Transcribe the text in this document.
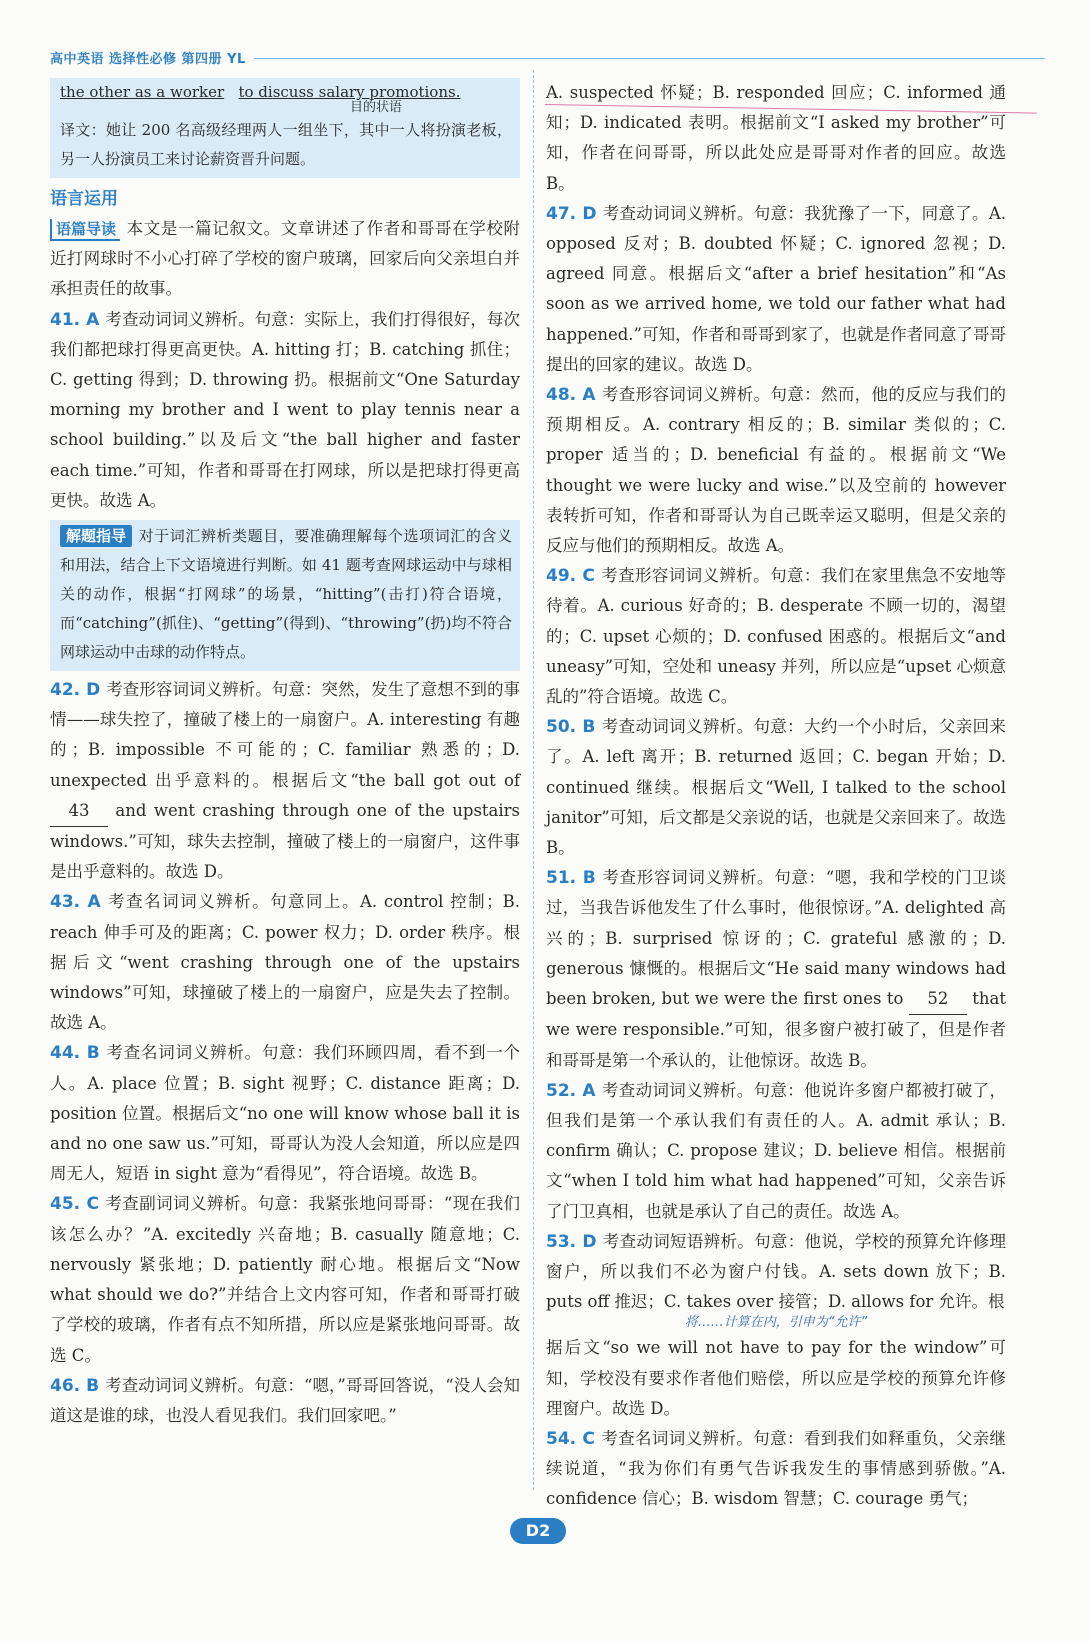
高中英语 选择性必修 第四册 YL
the other as a worker to discuss salary promotions.
目的状语
译文：她让 200 名高级经理两人一组坐下，其中一人将扮演老板，另一人扮演员工来讨论薪资晋升问题。
语言运用

语篇导读 本文是一篇记叙文。文章讲述了作者和哥哥在学校附近打网球时不小心打碎了学校的窗户玻璃，回家后向父亲坦白并承担责任的故事。

41. A 考查动词词义辨析。句意：实际上，我们打得很好，每次我们都把球打得更高更快。A. hitting 打；B. catching 抓住；C. getting 得到；D. throwing 扔。根据前文“One Saturday morning my brother and I went to play tennis near a school building.”以及后文“the ball higher and faster each time.”可知，作者和哥哥在打网球，所以是把球打得更高更快。故选 A。

解题指导 对于词汇辨析类题目，要准确理解每个选项词汇的含义和用法，结合上下文语境进行判断。如 41 题考查网球运动中与球相关的动作，根据“打网球”的场景，“hitting”(击打)符合语境，而“catching”(抓住)、“getting”(得到)、“throwing”(扔)均不符合网球运动中击球的动作特点。

42. D 考查形容词词义辨析。句意：突然，发生了意想不到的事情——球失控了，撞破了楼上的一扇窗户。A. interesting 有趣的；B. impossible 不可能的；C. familiar 熟悉的；D. unexpected 出乎意料的。根据后文“the ball got out of 43 and went crashing through one of the upstairs windows.”可知，球失去控制，撞破了楼上的一扇窗户，这件事是出乎意料的。故选 D。

43. A 考查名词词义辨析。句意同上。A. control 控制；B. reach 伸手可及的距离；C. power 权力；D. order 秩序。根据后文“went crashing through one of the upstairs windows”可知，球撞破了楼上的一扇窗户，应是失去了控制。故选 A。

44. B 考查名词词义辨析。句意：我们环顾四周，看不到一个人。A. place 位置；B. sight 视野；C. distance 距离；D. position 位置。根据后文“no one will know whose ball it is and no one saw us.”可知，哥哥认为没人会知道，所以应是四周无人，短语 in sight 意为“看得见”，符合语境。故选 B。

45. C 考查副词词义辨析。句意：我紧张地问哥哥：“现在我们该怎么办？”A. excitedly 兴奋地；B. casually 随意地；C. nervously 紧张地；D. patiently 耐心地。根据后文“Now what should we do?”并结合上文内容可知，作者和哥哥打破了学校的玻璃，作者有点不知所措，所以应是紧张地问哥哥。故选 C。

46. B 考查动词词义辨析。句意：“嗯，”哥哥回答说，“没人会知道这是谁的球，也没人看见我们。我们回家吧。”

A. suspected 怀疑；B. responded 回应；C. informed 通知；D. indicated 表明。根据前文“I asked my brother”可知，作者在问哥哥，所以此处应是哥哥对作者的回应。故选 B。

47. D 考查动词词义辨析。句意：我犹豫了一下，同意了。A. opposed 反对；B. doubted 怀疑；C. ignored 忽视；D. agreed 同意。根据后文“after a brief hesitation”和“As soon as we arrived home, we told our father what had happened.”可知，作者和哥哥到家了，也就是作者同意了哥哥提出的回家的建议。故选 D。

48. A 考查形容词词义辨析。句意：然而，他的反应与我们的预期相反。A. contrary 相反的；B. similar 类似的；C. proper 适当的；D. beneficial 有益的。根据前文“We thought we were lucky and wise.”以及空前的 however 表转折可知，作者和哥哥认为自己既幸运又聪明，但是父亲的反应与他们的预期相反。故选 A。

49. C 考查形容词词义辨析。句意：我们在家里焦急不安地等待着。A. curious 好奇的；B. desperate 不顾一切的，渴望的；C. upset 心烦的；D. confused 困惑的。根据后文“and uneasy”可知，空处和 uneasy 并列，所以应是“upset 心烦意乱的”符合语境。故选 C。

50. B 考查动词词义辨析。句意：大约一个小时后，父亲回来了。A. left 离开；B. returned 返回；C. began 开始；D. continued 继续。根据后文“Well, I talked to the school janitor”可知，后文都是父亲说的话，也就是父亲回来了。故选 B。

51. B 考查形容词词义辨析。句意：“嗯，我和学校的门卫谈过，当我告诉他发生了什么事时，他很惊讶。”A. delighted 高兴的；B. surprised 惊讶的；C. grateful 感激的；D. generous 慷慨的。根据后文“He said many windows had been broken, but we were the first ones to 52 that we were responsible.”可知，很多窗户被打破了，但是作者和哥哥是第一个承认的，让他惊讶。故选 B。

52. A 考查动词词义辨析。句意：他说许多窗户都被打破了，但我们是第一个承认我们有责任的人。A. admit 承认；B. confirm 确认；C. propose 建议；D. believe 相信。根据前文“when I told him what had happened”可知，父亲告诉了门卫真相，也就是承认了自己的责任。故选 A。

53. D 考查动词短语辨析。句意：他说，学校的预算允许修理窗户，所以我们不必为窗户付钱。A. sets down 放下；B. puts off 推迟；C. takes over 接管；D. allows for 允许。根

将……计算在内，引申为“允许”

据后文“so we will not have to pay for the window”可知，学校没有要求作者他们赔偿，所以应是学校的预算允许修理窗户。故选 D。

54. C 考查名词词义辨析。句意：看到我们如释重负，父亲继续说道，“我为你们有勇气告诉我发生的事情感到骄傲。”A. confidence 信心；B. wisdom 智慧；C. courage 勇气；

D2
